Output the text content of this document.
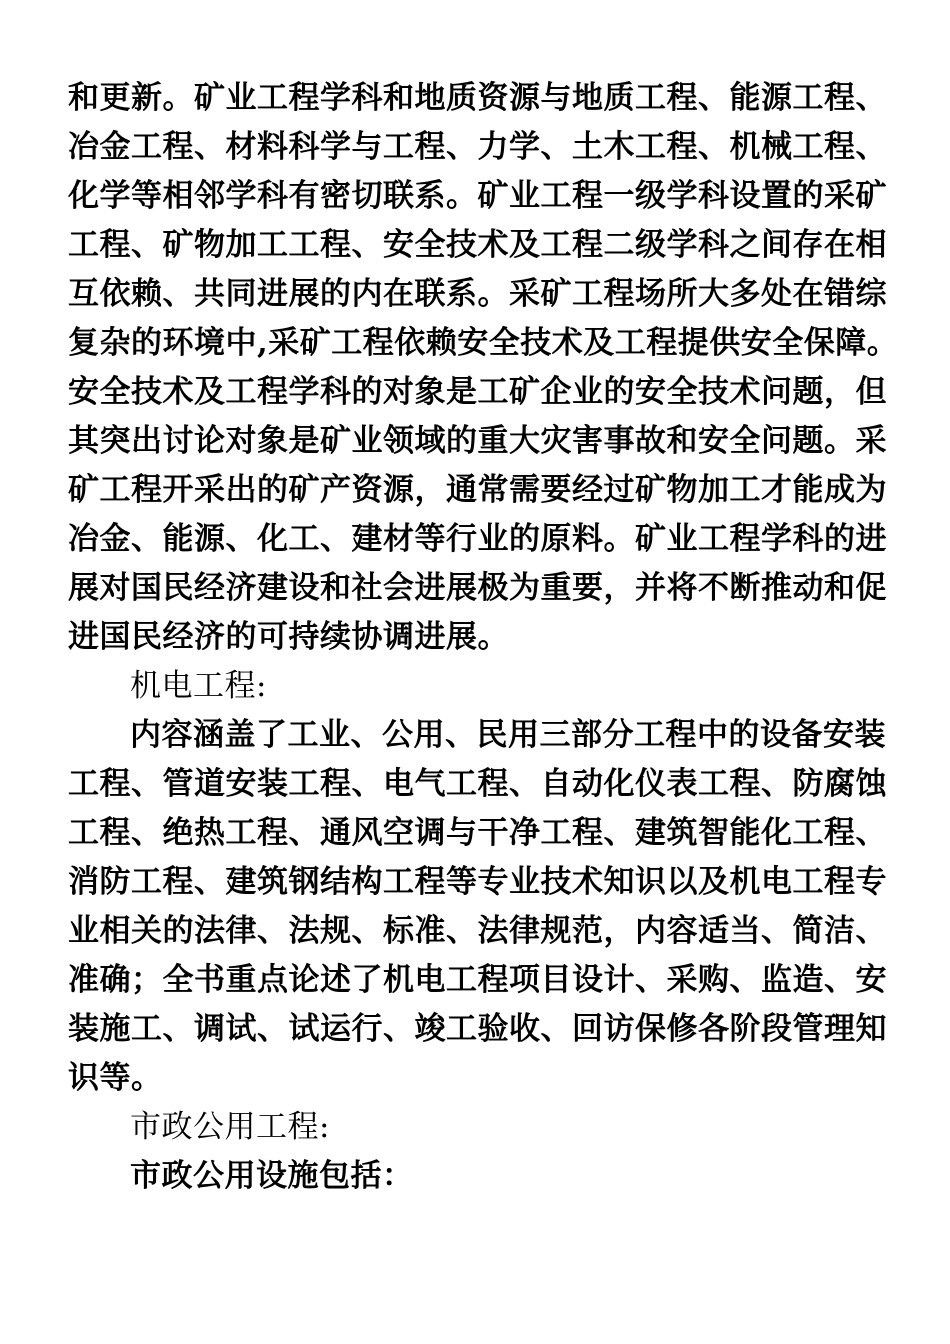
和更新。矿业工程学科和地质资源与地质工程、能源工程、
冶金工程、材料科学与工程、力学、土木工程、机械工程、
化学等相邻学科有密切联系。矿业工程一级学科设置的采矿
工程、矿物加工工程、安全技术及工程二级学科之间存在相
互依赖、共同进展的内在联系。采矿工程场所大多处在错综
复杂的环境中,采矿工程依赖安全技术及工程提供安全保障。
安全技术及工程学科的对象是工矿企业的安全技术问题，但
其突出讨论对象是矿业领域的重大灾害事故和安全问题。采
矿工程开采出的矿产资源，通常需要经过矿物加工才能成为
冶金、能源、化工、建材等行业的原料。矿业工程学科的进
展对国民经济建设和社会进展极为重要，并将不断推动和促
进国民经济的可持续协调进展。
机电工程:
内容涵盖了工业、公用、民用三部分工程中的设备安装
工程、管道安装工程、电气工程、自动化仪表工程、防腐蚀
工程、绝热工程、通风空调与干净工程、建筑智能化工程、
消防工程、建筑钢结构工程等专业技术知识以及机电工程专
业相关的法律、法规、标准、法律规范，内容适当、简洁、
准确；全书重点论述了机电工程项目设计、采购、监造、安
装施工、调试、试运行、竣工验收、回访保修各阶段管理知
识等。
市政公用工程:
市政公用设施包括：
